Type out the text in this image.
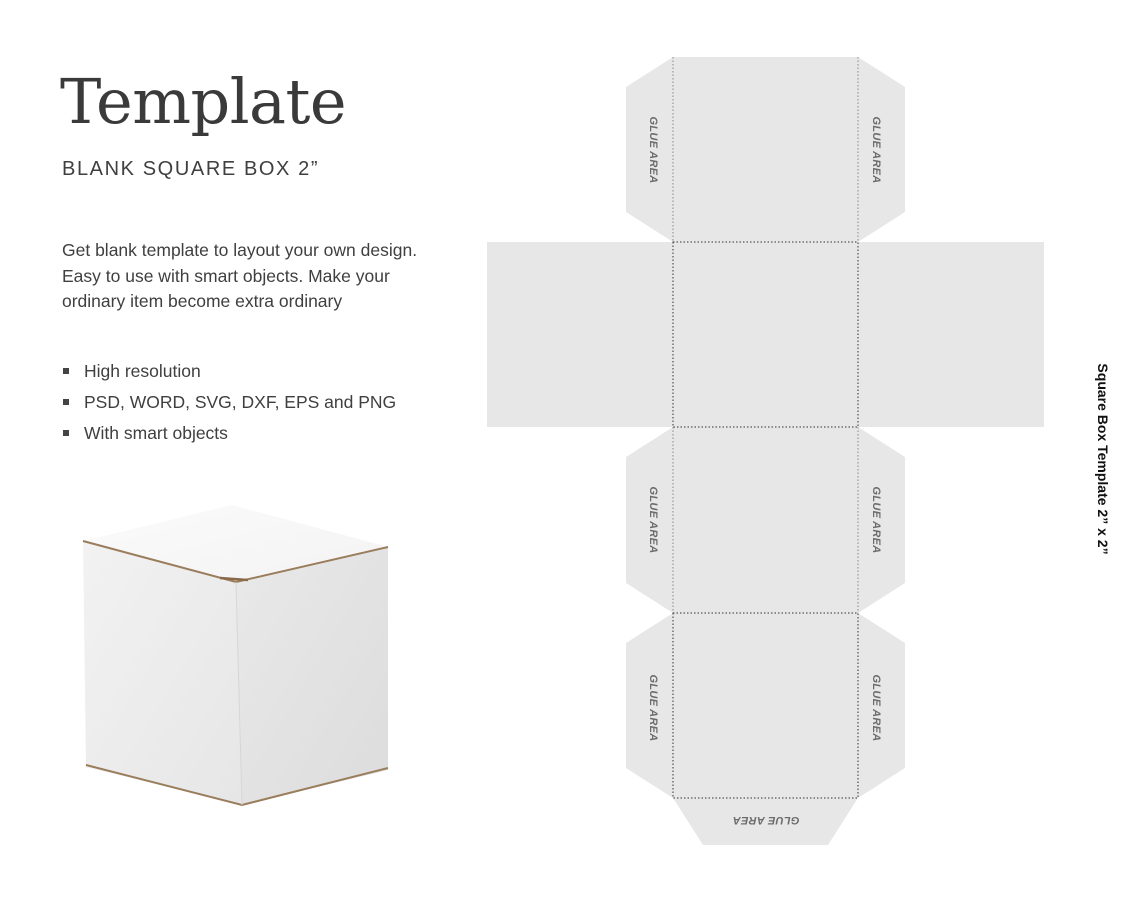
Template
BLANK SQUARE BOX 2”
Get blank template to layout your own design. Easy to use with smart objects. Make your ordinary item become extra ordinary
High resolution
PSD, WORD, SVG, DXF, EPS and PNG
With smart objects
GLUE AREA	GLUE AREA
GLUE AREA	GLUE AREA
GLUE AREA	GLUE AREA
GLUE AREA
Square Box Template 2” x 2”
